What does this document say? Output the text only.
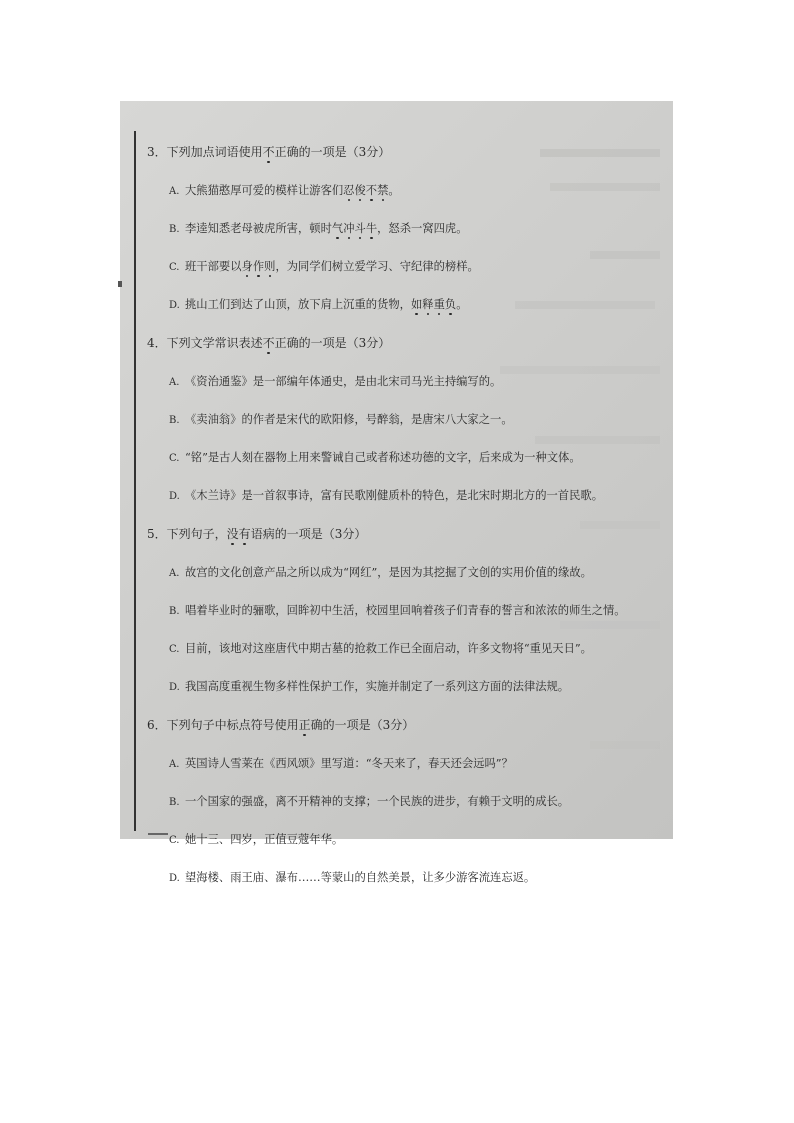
3．下列加点词语使用不正确的一项是（3分）
A. 大熊猫憨厚可爱的模样让游客们忍俊不禁。
B. 李逵知悉老母被虎所害，顿时气冲斗牛，怒杀一窝四虎。
C. 班干部要以身作则，为同学们树立爱学习、守纪律的榜样。
D. 挑山工们到达了山顶，放下肩上沉重的货物，如释重负。
4．下列文学常识表述不正确的一项是（3分）
A. 《资治通鉴》是一部编年体通史，是由北宋司马光主持编写的。
B. 《卖油翁》的作者是宋代的欧阳修，号醉翁，是唐宋八大家之一。
C. “铭”是古人刻在器物上用来警诫自己或者称述功德的文字，后来成为一种文体。
D. 《木兰诗》是一首叙事诗，富有民歌刚健质朴的特色，是北宋时期北方的一首民歌。
5．下列句子，没有语病的一项是（3分）
A. 故宫的文化创意产品之所以成为“网红”，是因为其挖掘了文创的实用价值的缘故。
B. 唱着毕业时的骊歌，回眸初中生活，校园里回响着孩子们青春的誓言和浓浓的师生之情。
C. 目前，该地对这座唐代中期古墓的抢救工作已全面启动，许多文物将“重见天日”。
D. 我国高度重视生物多样性保护工作，实施并制定了一系列这方面的法律法规。
6．下列句子中标点符号使用正确的一项是（3分）
A. 英国诗人雪莱在《西风颂》里写道：“冬天来了，春天还会远吗”？
B. 一个国家的强盛，离不开精神的支撑；一个民族的进步，有赖于文明的成长。
C. 她十三、四岁，正值豆蔻年华。
D. 望海楼、雨王庙、瀑布……等蒙山的自然美景，让多少游客流连忘返。
